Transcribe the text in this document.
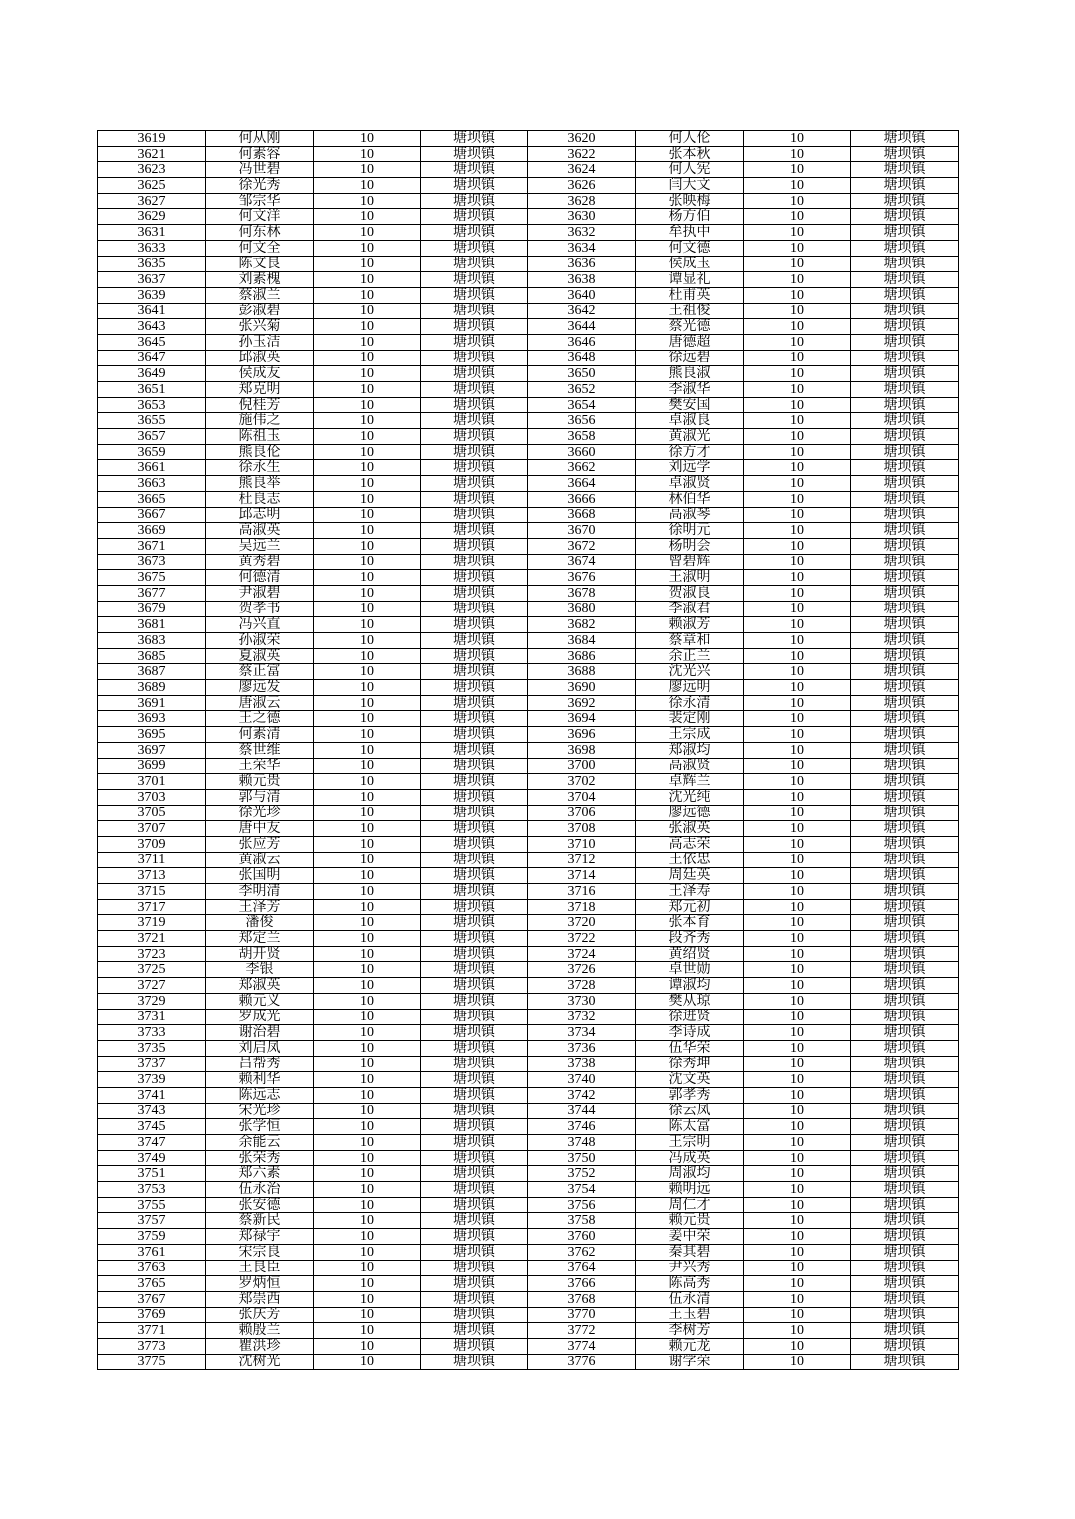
3619	何从刚	10	塘坝镇	3620	何人伦	10	塘坝镇
3621	何素容	10	塘坝镇	3622	张本秋	10	塘坝镇
3623	冯世碧	10	塘坝镇	3624	何人宪	10	塘坝镇
3625	徐光秀	10	塘坝镇	3626	闫大文	10	塘坝镇
3627	邹宗华	10	塘坝镇	3628	张映梅	10	塘坝镇
3629	何文洋	10	塘坝镇	3630	杨方伯	10	塘坝镇
3631	何东林	10	塘坝镇	3632	牟执中	10	塘坝镇
3633	何文全	10	塘坝镇	3634	何文德	10	塘坝镇
3635	陈文良	10	塘坝镇	3636	侯成玉	10	塘坝镇
3637	刘素槐	10	塘坝镇	3638	谭显礼	10	塘坝镇
3639	蔡淑兰	10	塘坝镇	3640	杜甫英	10	塘坝镇
3641	彭淑碧	10	塘坝镇	3642	王祖俊	10	塘坝镇
3643	张兴菊	10	塘坝镇	3644	蔡光德	10	塘坝镇
3645	孙玉洁	10	塘坝镇	3646	唐德超	10	塘坝镇
3647	邱淑英	10	塘坝镇	3648	徐远碧	10	塘坝镇
3649	侯成友	10	塘坝镇	3650	熊良淑	10	塘坝镇
3651	郑克明	10	塘坝镇	3652	李淑华	10	塘坝镇
3653	倪桂芳	10	塘坝镇	3654	樊安国	10	塘坝镇
3655	施伟之	10	塘坝镇	3656	卓淑良	10	塘坝镇
3657	陈祖玉	10	塘坝镇	3658	黄淑光	10	塘坝镇
3659	熊良伦	10	塘坝镇	3660	徐方才	10	塘坝镇
3661	徐永生	10	塘坝镇	3662	刘远学	10	塘坝镇
3663	熊良举	10	塘坝镇	3664	卓淑贤	10	塘坝镇
3665	杜良志	10	塘坝镇	3666	林伯华	10	塘坝镇
3667	邱志明	10	塘坝镇	3668	高淑琴	10	塘坝镇
3669	高淑英	10	塘坝镇	3670	徐明元	10	塘坝镇
3671	吴远兰	10	塘坝镇	3672	杨明会	10	塘坝镇
3673	黄秀碧	10	塘坝镇	3674	曾碧辉	10	塘坝镇
3675	何德清	10	塘坝镇	3676	王淑明	10	塘坝镇
3677	尹淑碧	10	塘坝镇	3678	贺淑良	10	塘坝镇
3679	贺孝书	10	塘坝镇	3680	李淑君	10	塘坝镇
3681	冯兴直	10	塘坝镇	3682	赖淑芳	10	塘坝镇
3683	孙淑荣	10	塘坝镇	3684	蔡章和	10	塘坝镇
3685	夏淑英	10	塘坝镇	3686	余正兰	10	塘坝镇
3687	蔡正富	10	塘坝镇	3688	沈光兴	10	塘坝镇
3689	廖远发	10	塘坝镇	3690	廖远明	10	塘坝镇
3691	唐淑云	10	塘坝镇	3692	徐永清	10	塘坝镇
3693	王之德	10	塘坝镇	3694	裴定刚	10	塘坝镇
3695	何素清	10	塘坝镇	3696	王宗成	10	塘坝镇
3697	蔡世维	10	塘坝镇	3698	郑淑均	10	塘坝镇
3699	王荣华	10	塘坝镇	3700	高淑贤	10	塘坝镇
3701	赖元贵	10	塘坝镇	3702	卓辉兰	10	塘坝镇
3703	郭与清	10	塘坝镇	3704	沈光纯	10	塘坝镇
3705	徐光珍	10	塘坝镇	3706	廖远德	10	塘坝镇
3707	唐中友	10	塘坝镇	3708	张淑英	10	塘坝镇
3709	张应芳	10	塘坝镇	3710	高志荣	10	塘坝镇
3711	黄淑云	10	塘坝镇	3712	王依忠	10	塘坝镇
3713	张国明	10	塘坝镇	3714	周廷英	10	塘坝镇
3715	李明清	10	塘坝镇	3716	王泽寿	10	塘坝镇
3717	王泽芳	10	塘坝镇	3718	郑元初	10	塘坝镇
3719	潘俊	10	塘坝镇	3720	张本育	10	塘坝镇
3721	郑定兰	10	塘坝镇	3722	段齐秀	10	塘坝镇
3723	胡开贤	10	塘坝镇	3724	黄绍贤	10	塘坝镇
3725	李银	10	塘坝镇	3726	卓世勋	10	塘坝镇
3727	郑淑英	10	塘坝镇	3728	谭淑均	10	塘坝镇
3729	赖元义	10	塘坝镇	3730	樊从琼	10	塘坝镇
3731	罗成光	10	塘坝镇	3732	徐进贤	10	塘坝镇
3733	谢治碧	10	塘坝镇	3734	李诗成	10	塘坝镇
3735	刘启凤	10	塘坝镇	3736	伍华荣	10	塘坝镇
3737	吕帮秀	10	塘坝镇	3738	徐秀坤	10	塘坝镇
3739	赖利华	10	塘坝镇	3740	沈文英	10	塘坝镇
3741	陈远志	10	塘坝镇	3742	郭孝秀	10	塘坝镇
3743	宋光珍	10	塘坝镇	3744	徐云凤	10	塘坝镇
3745	张学恒	10	塘坝镇	3746	陈太富	10	塘坝镇
3747	余能云	10	塘坝镇	3748	王宗明	10	塘坝镇
3749	张荣秀	10	塘坝镇	3750	冯成英	10	塘坝镇
3751	郑六素	10	塘坝镇	3752	周淑均	10	塘坝镇
3753	伍永治	10	塘坝镇	3754	赖明远	10	塘坝镇
3755	张安德	10	塘坝镇	3756	周仁才	10	塘坝镇
3757	蔡新民	10	塘坝镇	3758	赖元贵	10	塘坝镇
3759	郑禄宇	10	塘坝镇	3760	姜中荣	10	塘坝镇
3761	宋宗良	10	塘坝镇	3762	秦其碧	10	塘坝镇
3763	王良臣	10	塘坝镇	3764	尹兴秀	10	塘坝镇
3765	罗炳恒	10	塘坝镇	3766	陈高秀	10	塘坝镇
3767	郑崇西	10	塘坝镇	3768	伍永清	10	塘坝镇
3769	张庆芳	10	塘坝镇	3770	王玉碧	10	塘坝镇
3771	赖殷兰	10	塘坝镇	3772	李树芳	10	塘坝镇
3773	瞿洪珍	10	塘坝镇	3774	赖元龙	10	塘坝镇
3775	沈树光	10	塘坝镇	3776	谢学荣	10	塘坝镇
